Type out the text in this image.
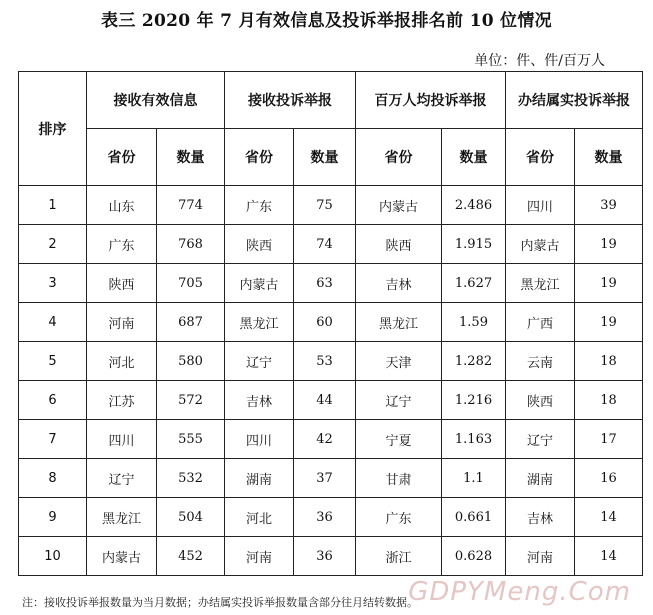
表三 2020 年 7 月有效信息及投诉举报排名前 10 位情况
单位：件、件/百万人
排序	接收有效信息		接收投诉举报		百万人均投诉举报		办结属实投诉举报	
	省份	数量	省份	数量	省份	数量	省份	数量
1	山东	774	广东	75	内蒙古	2.486	四川	39
2	广东	768	陕西	74	陕西	1.915	内蒙古	19
3	陕西	705	内蒙古	63	吉林	1.627	黑龙江	19
4	河南	687	黑龙江	60	黑龙江	1.59	广西	19
5	河北	580	辽宁	53	天津	1.282	云南	18
6	江苏	572	吉林	44	辽宁	1.216	陕西	18
7	四川	555	四川	42	宁夏	1.163	辽宁	17
8	辽宁	532	湖南	37	甘肃	1.1	湖南	16
9	黑龙江	504	河北	36	广东	0.661	吉林	14
10	内蒙古	452	河南	36	浙江	0.628	河南	14
注：接收投诉举报数量为当月数据；办结属实投诉举报数量含部分往月结转数据。
GDPYMeng.Com
